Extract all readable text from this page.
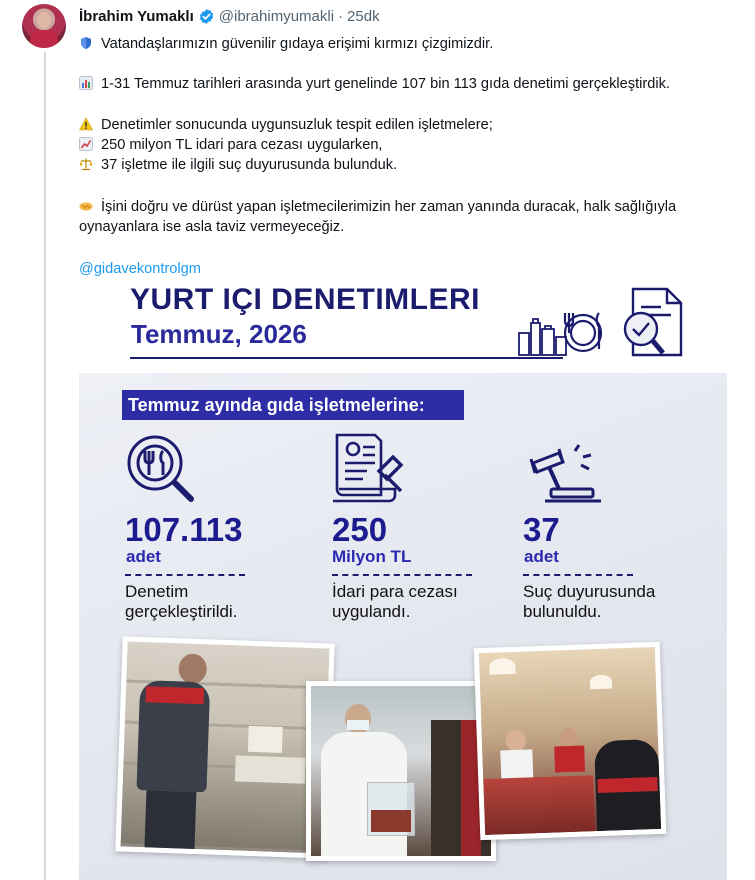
İbrahim Yumaklı @ibrahimyumakli · 25dk
Vatandaşlarımızın güvenilir gıdaya erişimi kırmızı çizgimizdir.
1-31 Temmuz tarihleri arasında yurt genelinde 107 bin 113 gıda denetimi gerçekleştirdik.
Denetimler sonucunda uygunsuzluk tespit edilen işletmelere;
250 milyon TL idari para cezası uygularken,
37 işletme ile ilgili suç duyurusunda bulunduk.
İşini doğru ve dürüst yapan işletmecilerimizin her zaman yanında duracak, halk sağlığıyla
oynayanlara ise asla taviz vermeyeceğiz.
@gidavekontrolgm
YURT IÇI DENETIMLERI
Temmuz, 2026
Temmuz ayında gıda işletmelerine:
107.113
adet
Denetim
gerçekleştirildi.
250
Milyon TL
İdari para cezası
uygulandı.
37
adet
Suç duyurusunda
bulunuldu.
